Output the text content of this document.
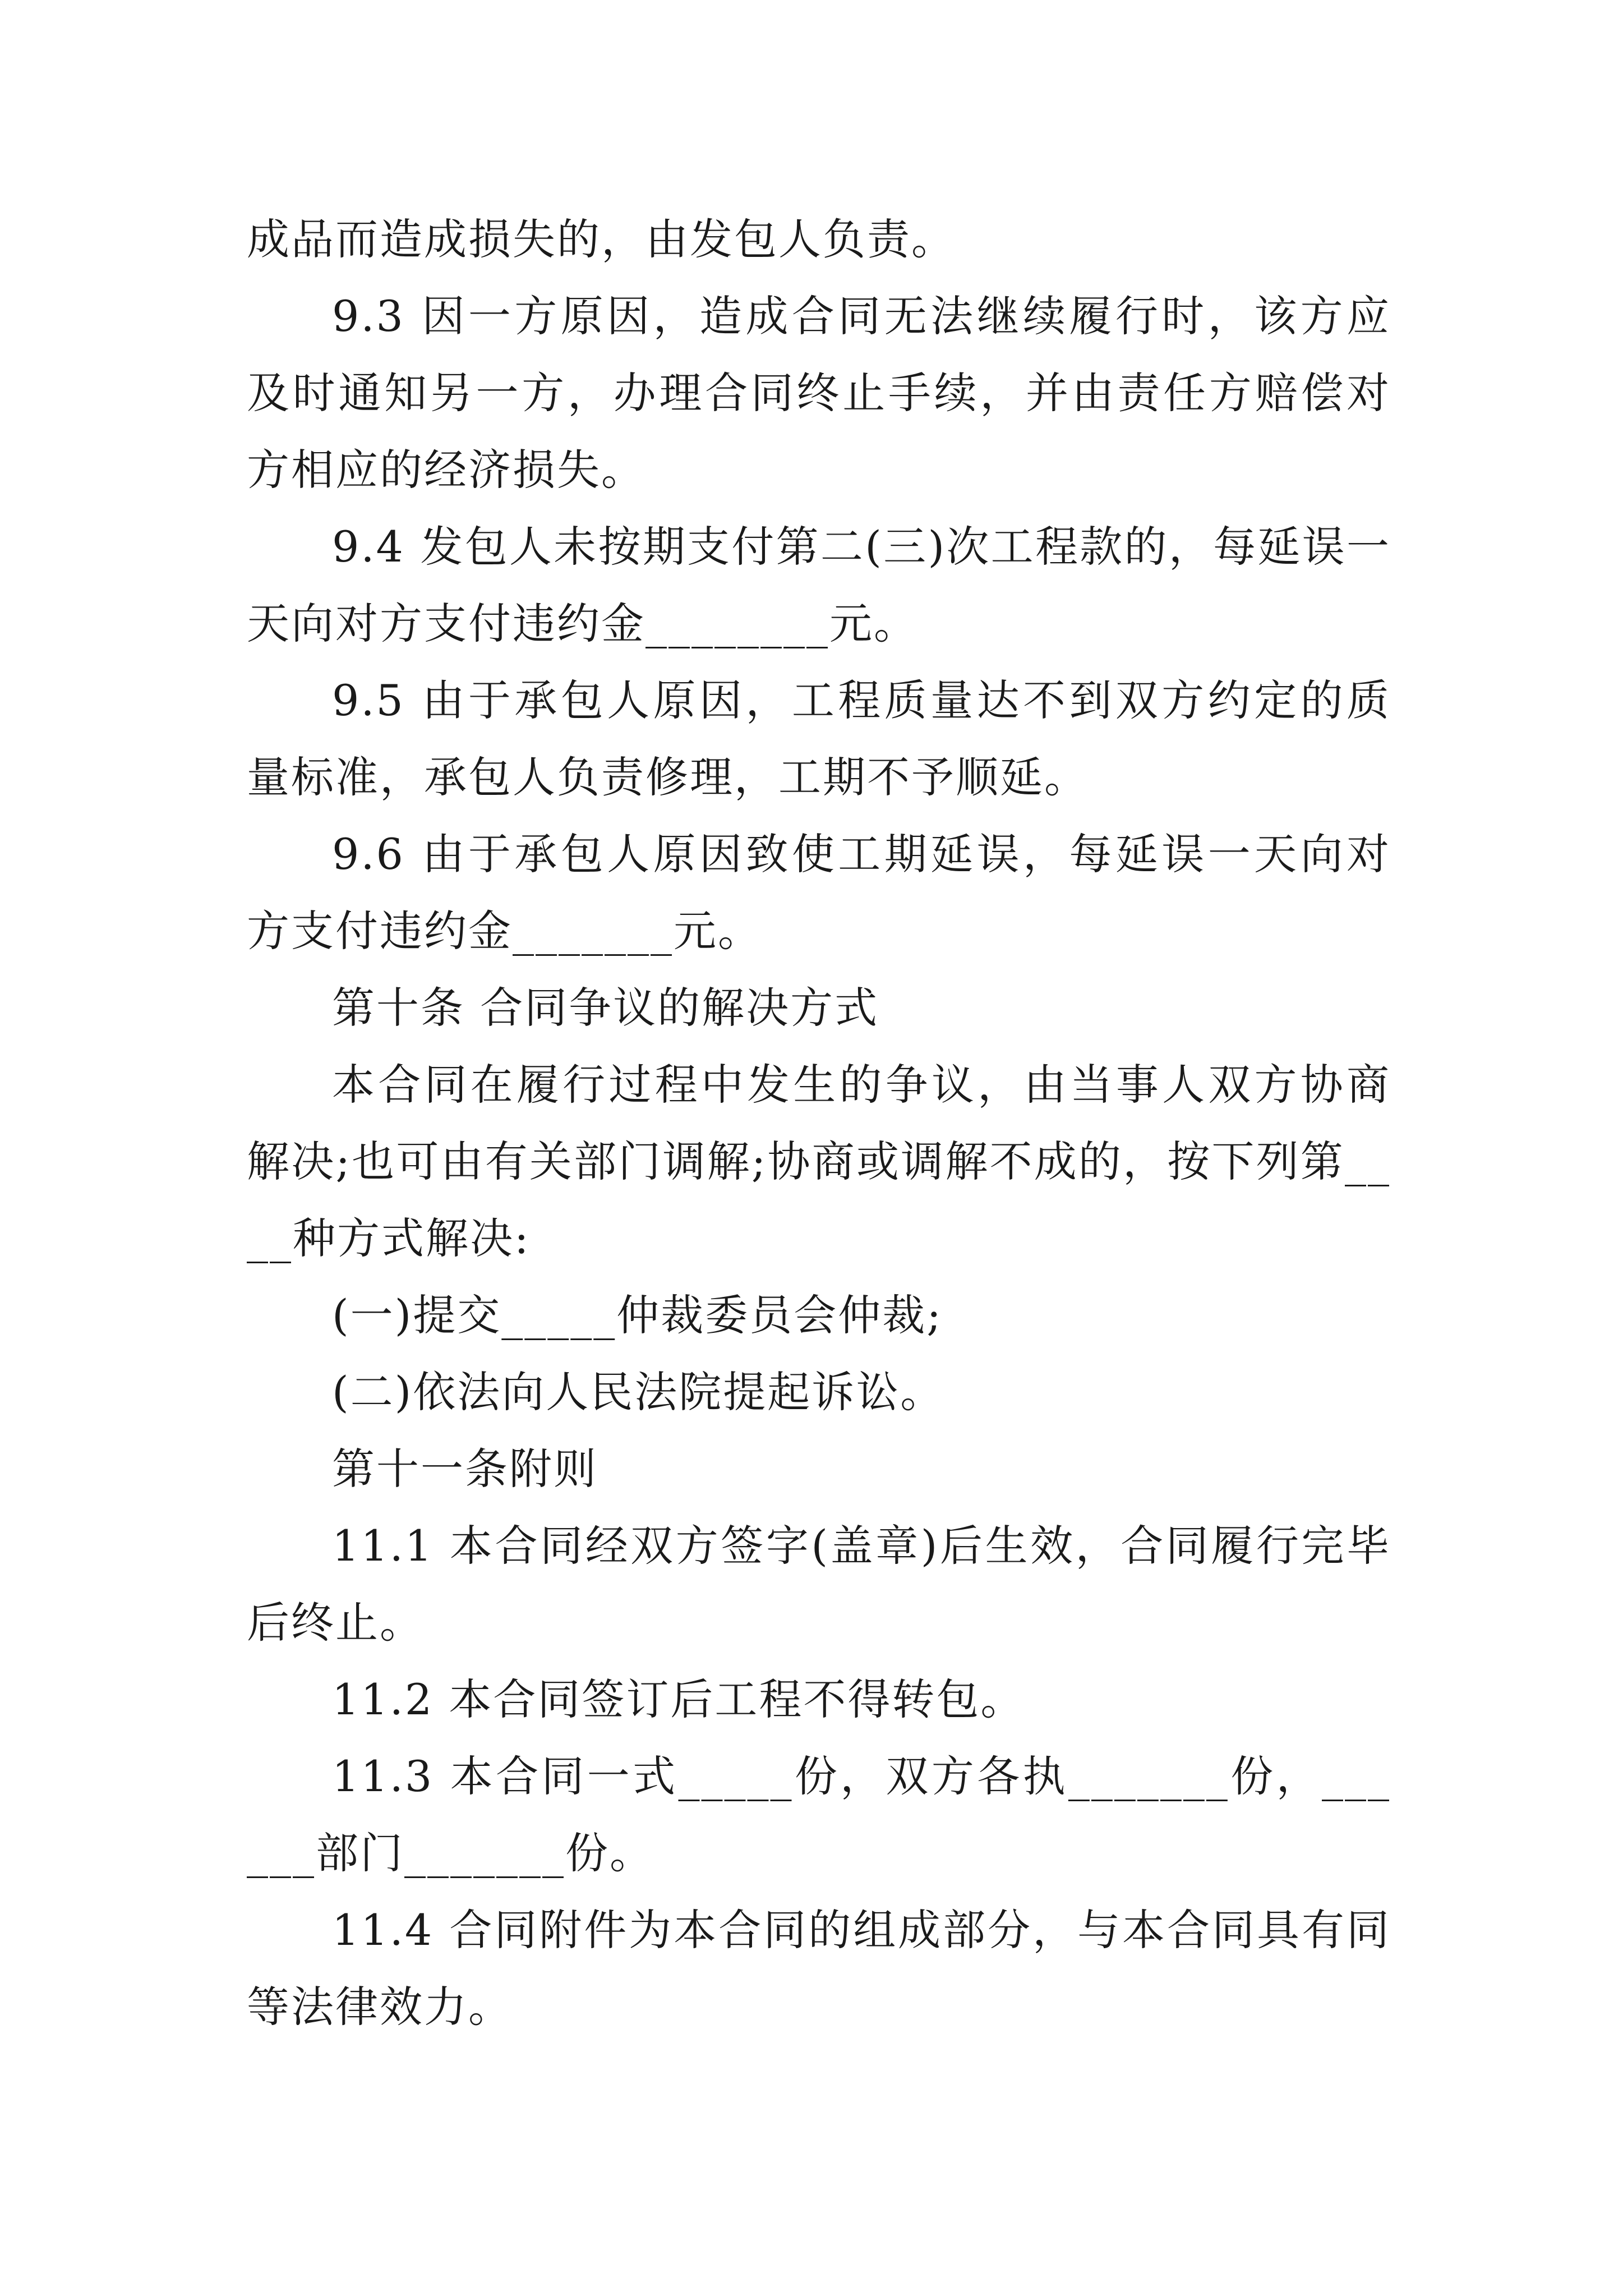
成品而造成损失的，由发包人负责。

9.3 因一方原因，造成合同无法继续履行时，该方应及时通知另一方，办理合同终止手续，并由责任方赔偿对方相应的经济损失。

9.4 发包人未按期支付第二(三)次工程款的，每延误一天向对方支付违约金________元。

9.5 由于承包人原因，工程质量达不到双方约定的质量标准，承包人负责修理，工期不予顺延。

9.6 由于承包人原因致使工期延误，每延误一天向对方支付违约金_______元。

第十条 合同争议的解决方式

本合同在履行过程中发生的争议，由当事人双方协商解决;也可由有关部门调解;协商或调解不成的，按下列第____种方式解决:

(一)提交_____仲裁委员会仲裁;

(二)依法向人民法院提起诉讼。

第十一条附则

11.1 本合同经双方签字(盖章)后生效，合同履行完毕后终止。

11.2 本合同签订后工程不得转包。

11.3 本合同一式_____份，双方各执_______份，______部门_______份。

11.4 合同附件为本合同的组成部分，与本合同具有同等法律效力。
